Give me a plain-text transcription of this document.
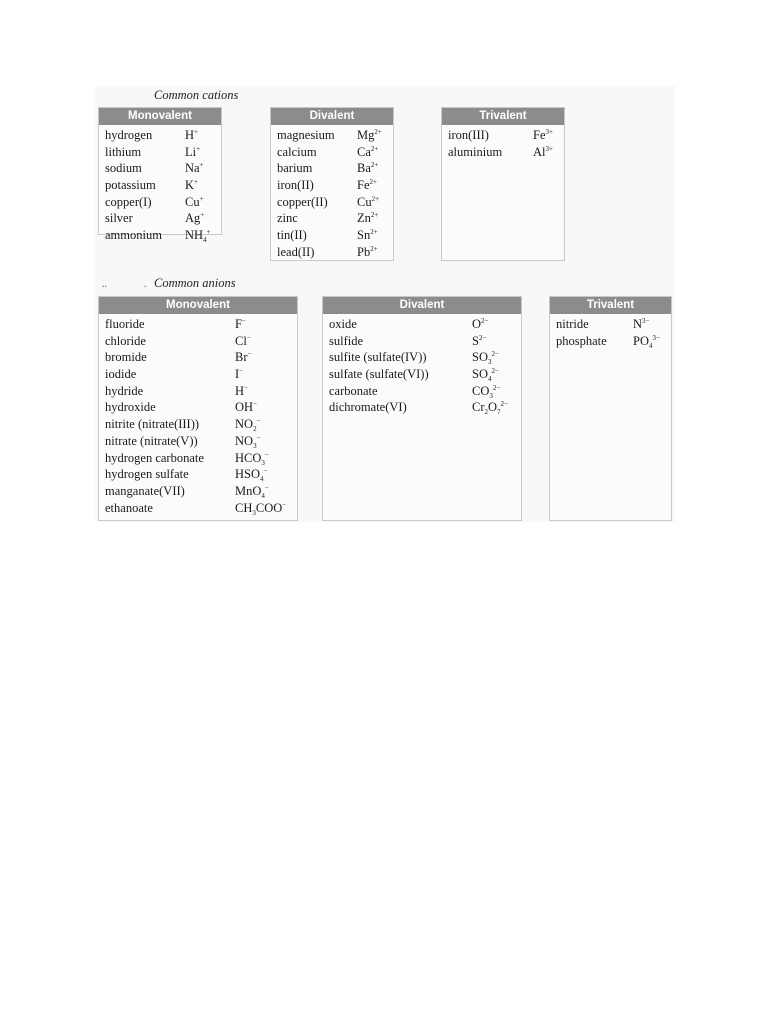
Common cations
Monovalent
hydrogen	H+
lithium	Li+
sodium	Na+
potassium K+
copper(I)	Cu+
silver	Ag+
ammonium $NH_4^+$
Divalent
magnesium $Mg^{2+}$
calcium	$Ca^{2+}$
barium	$Ba^{2+}$
iron(II)	$Fe^{2+}$
copper(II) $Cu^{2+}$
zinc	$Zn^{2+}$
tin(II)	$Sn^{2+}$
lead(II)	$Pb^{2+}$
Trivalent
iron(III)	$Fe^{3+}$
aluminium $Al^{3+}$
..	. Common anions
Monovalent
fluoride	F−
chloride	Cl−
bromide	Br−
iodide	I−
hydride	H−
hydroxide	OH−
nitrite (nitrate(III))	$NO_2^-$
nitrate (nitrate(V))	$NO_3^-$
hydrogen carbonate $HCO_3^-$
hydrogen sulfate	$HSO_4^-$
manganate(VII)	MnO$_4$−
ethanoate	$CH_3COO^-$
Divalent
oxide	$O^{2-}$
sulfide	$S^{2-}$
sulfite (sulfate(IV))	$SO_3^{2-}$
sulfate (sulfate(VI))	$SO_4^{2-}$
carbonate	$CO_3^{2-}$
dichromate(VI)	$Cr_2O_7^{2-}$
Trivalent
nitride	$N^{3-}$
phosphate $PO_4^{3-}$
